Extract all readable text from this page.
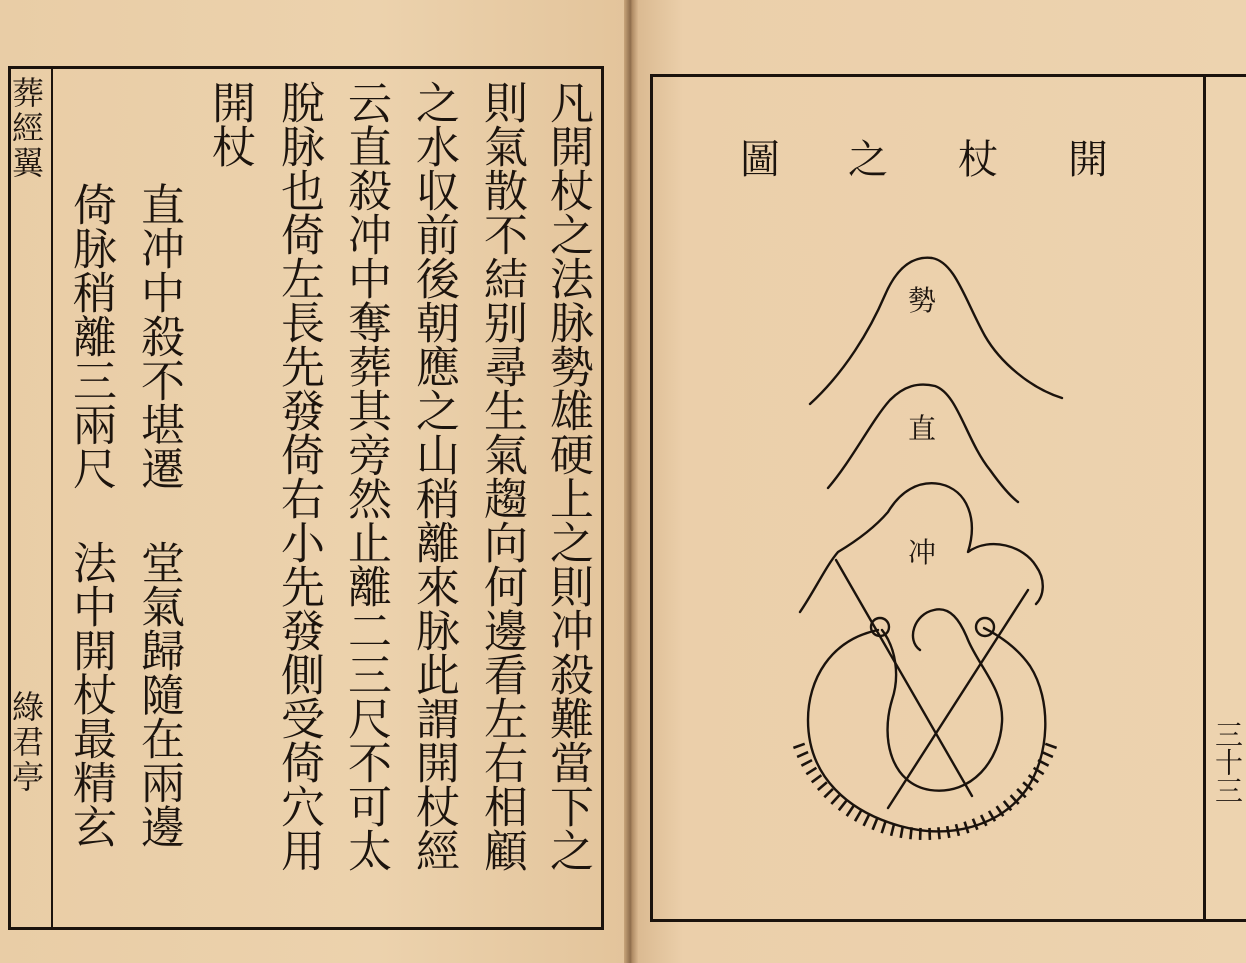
葬經翼
綠君亭	凡開杖之法脉勢雄硬上之則冲殺難當下之
則氣散不結别尋生氣趨向何邊看左右相顧
之水収前後朝應之山稍離來脉此謂開杖經
云直殺冲中奪葬其旁然止離二三尺不可太
脫脉也倚左長先發倚右小先發側受倚穴用
開杖
直冲中殺不堪遷
倚脉稍離三兩尺
堂氣歸隨在兩邊
法中開杖最精玄
開
杖
之
圖
勢
直
冲
三十三
